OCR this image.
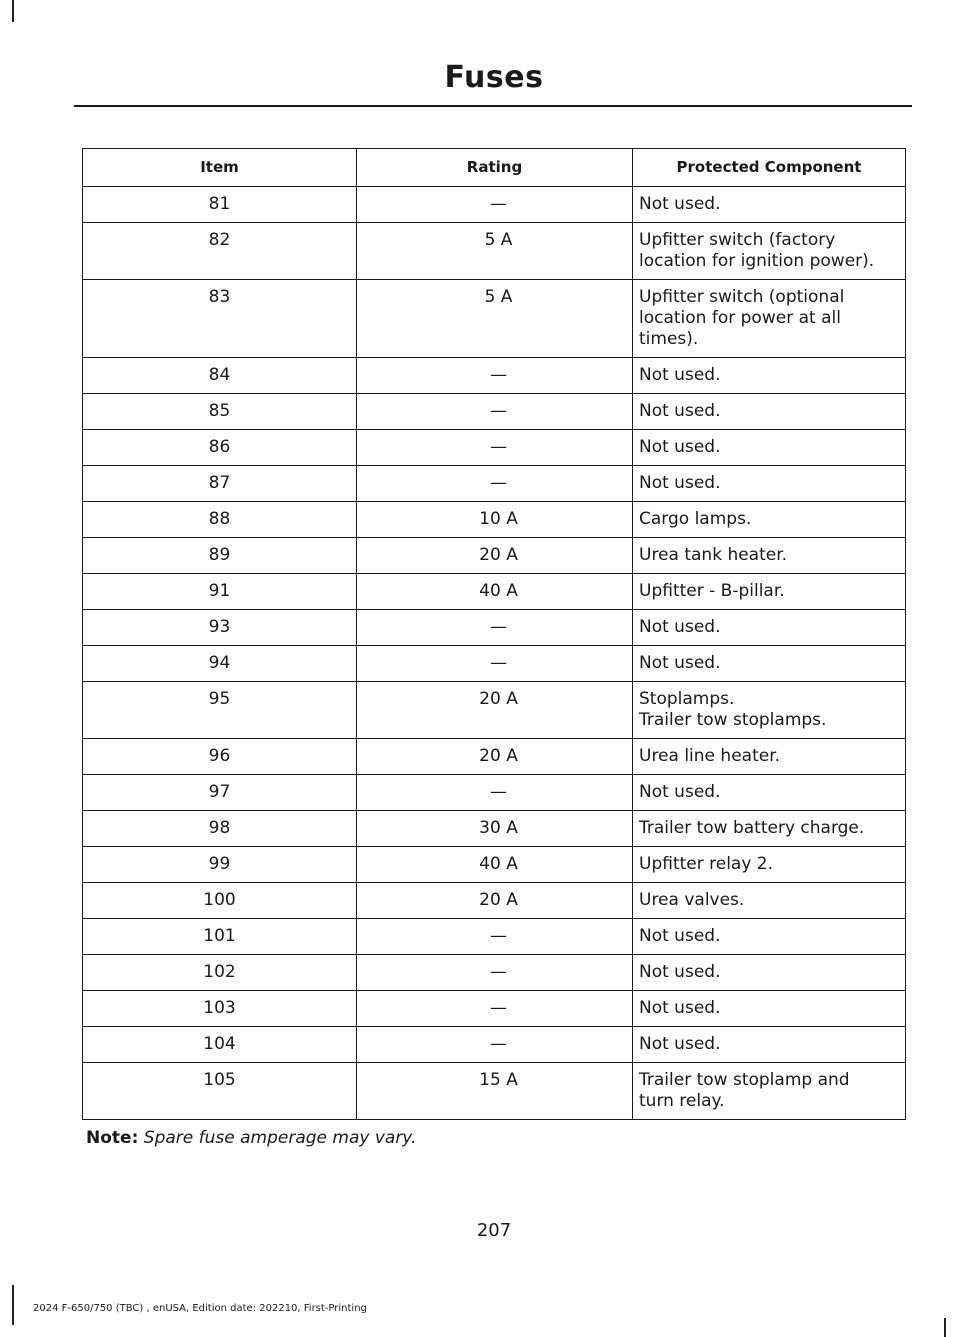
Fuses
Item	Rating	Protected Component
81	—	Not used.

82	5 A	Upfitter switch (factory
location for ignition power).

83	5 A	Upfitter switch (optional
location for power at all
times).

84	—	Not used.

85	—	Not used.

86	—	Not used.

87	—	Not used.

88	10 A	Cargo lamps.

89	20 A	Urea tank heater.

91	40 A	Upfitter - B-pillar.

93	—	Not used.

94	—	Not used.

95	20 A	Stoplamps.
Trailer tow stoplamps.

96	20 A	Urea line heater.

97	—	Not used.

98	30 A	Trailer tow battery charge.

99	40 A	Upfitter relay 2.

100	20 A	Urea valves.

101	—	Not used.

102	—	Not used.

103	—	Not used.

104	—	Not used.

105	15 A	Trailer tow stoplamp and
turn relay.
Note: Spare fuse amperage may vary.
207
2024 F-650/750 (TBC) , enUSA, Edition date: 202210, First-Printing
